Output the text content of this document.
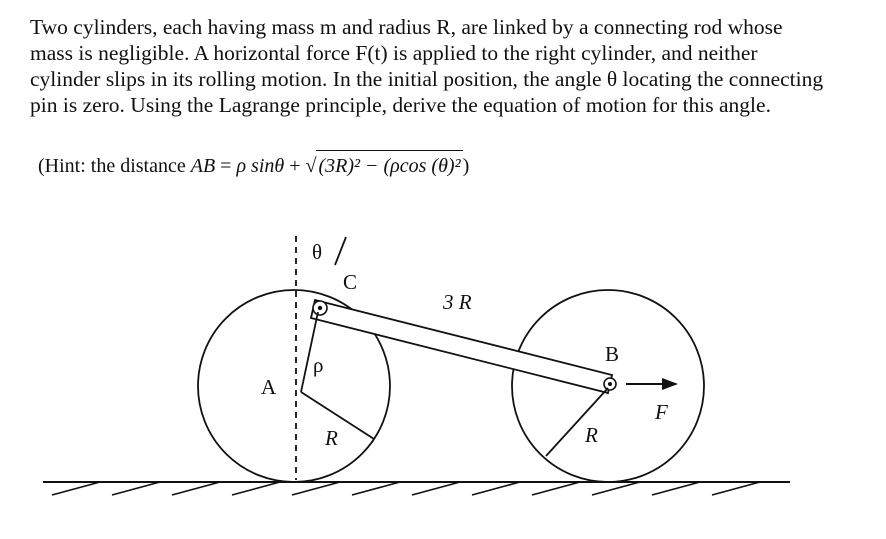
Two cylinders, each having mass m and radius R, are linked by a connecting rod whose
mass is negligible. A horizontal force F(t) is applied to the right cylinder, and neither
cylinder slips in its rolling motion. In the initial position, the angle θ locating the connecting
pin is zero. Using the Lagrange principle, derive the equation of motion for this angle.
(Hint: the distance AB = ρ sinθ + √ (3R)² − (ρcos (θ)² )
θ
C
3 R
A
ρ
R
B
F
R
